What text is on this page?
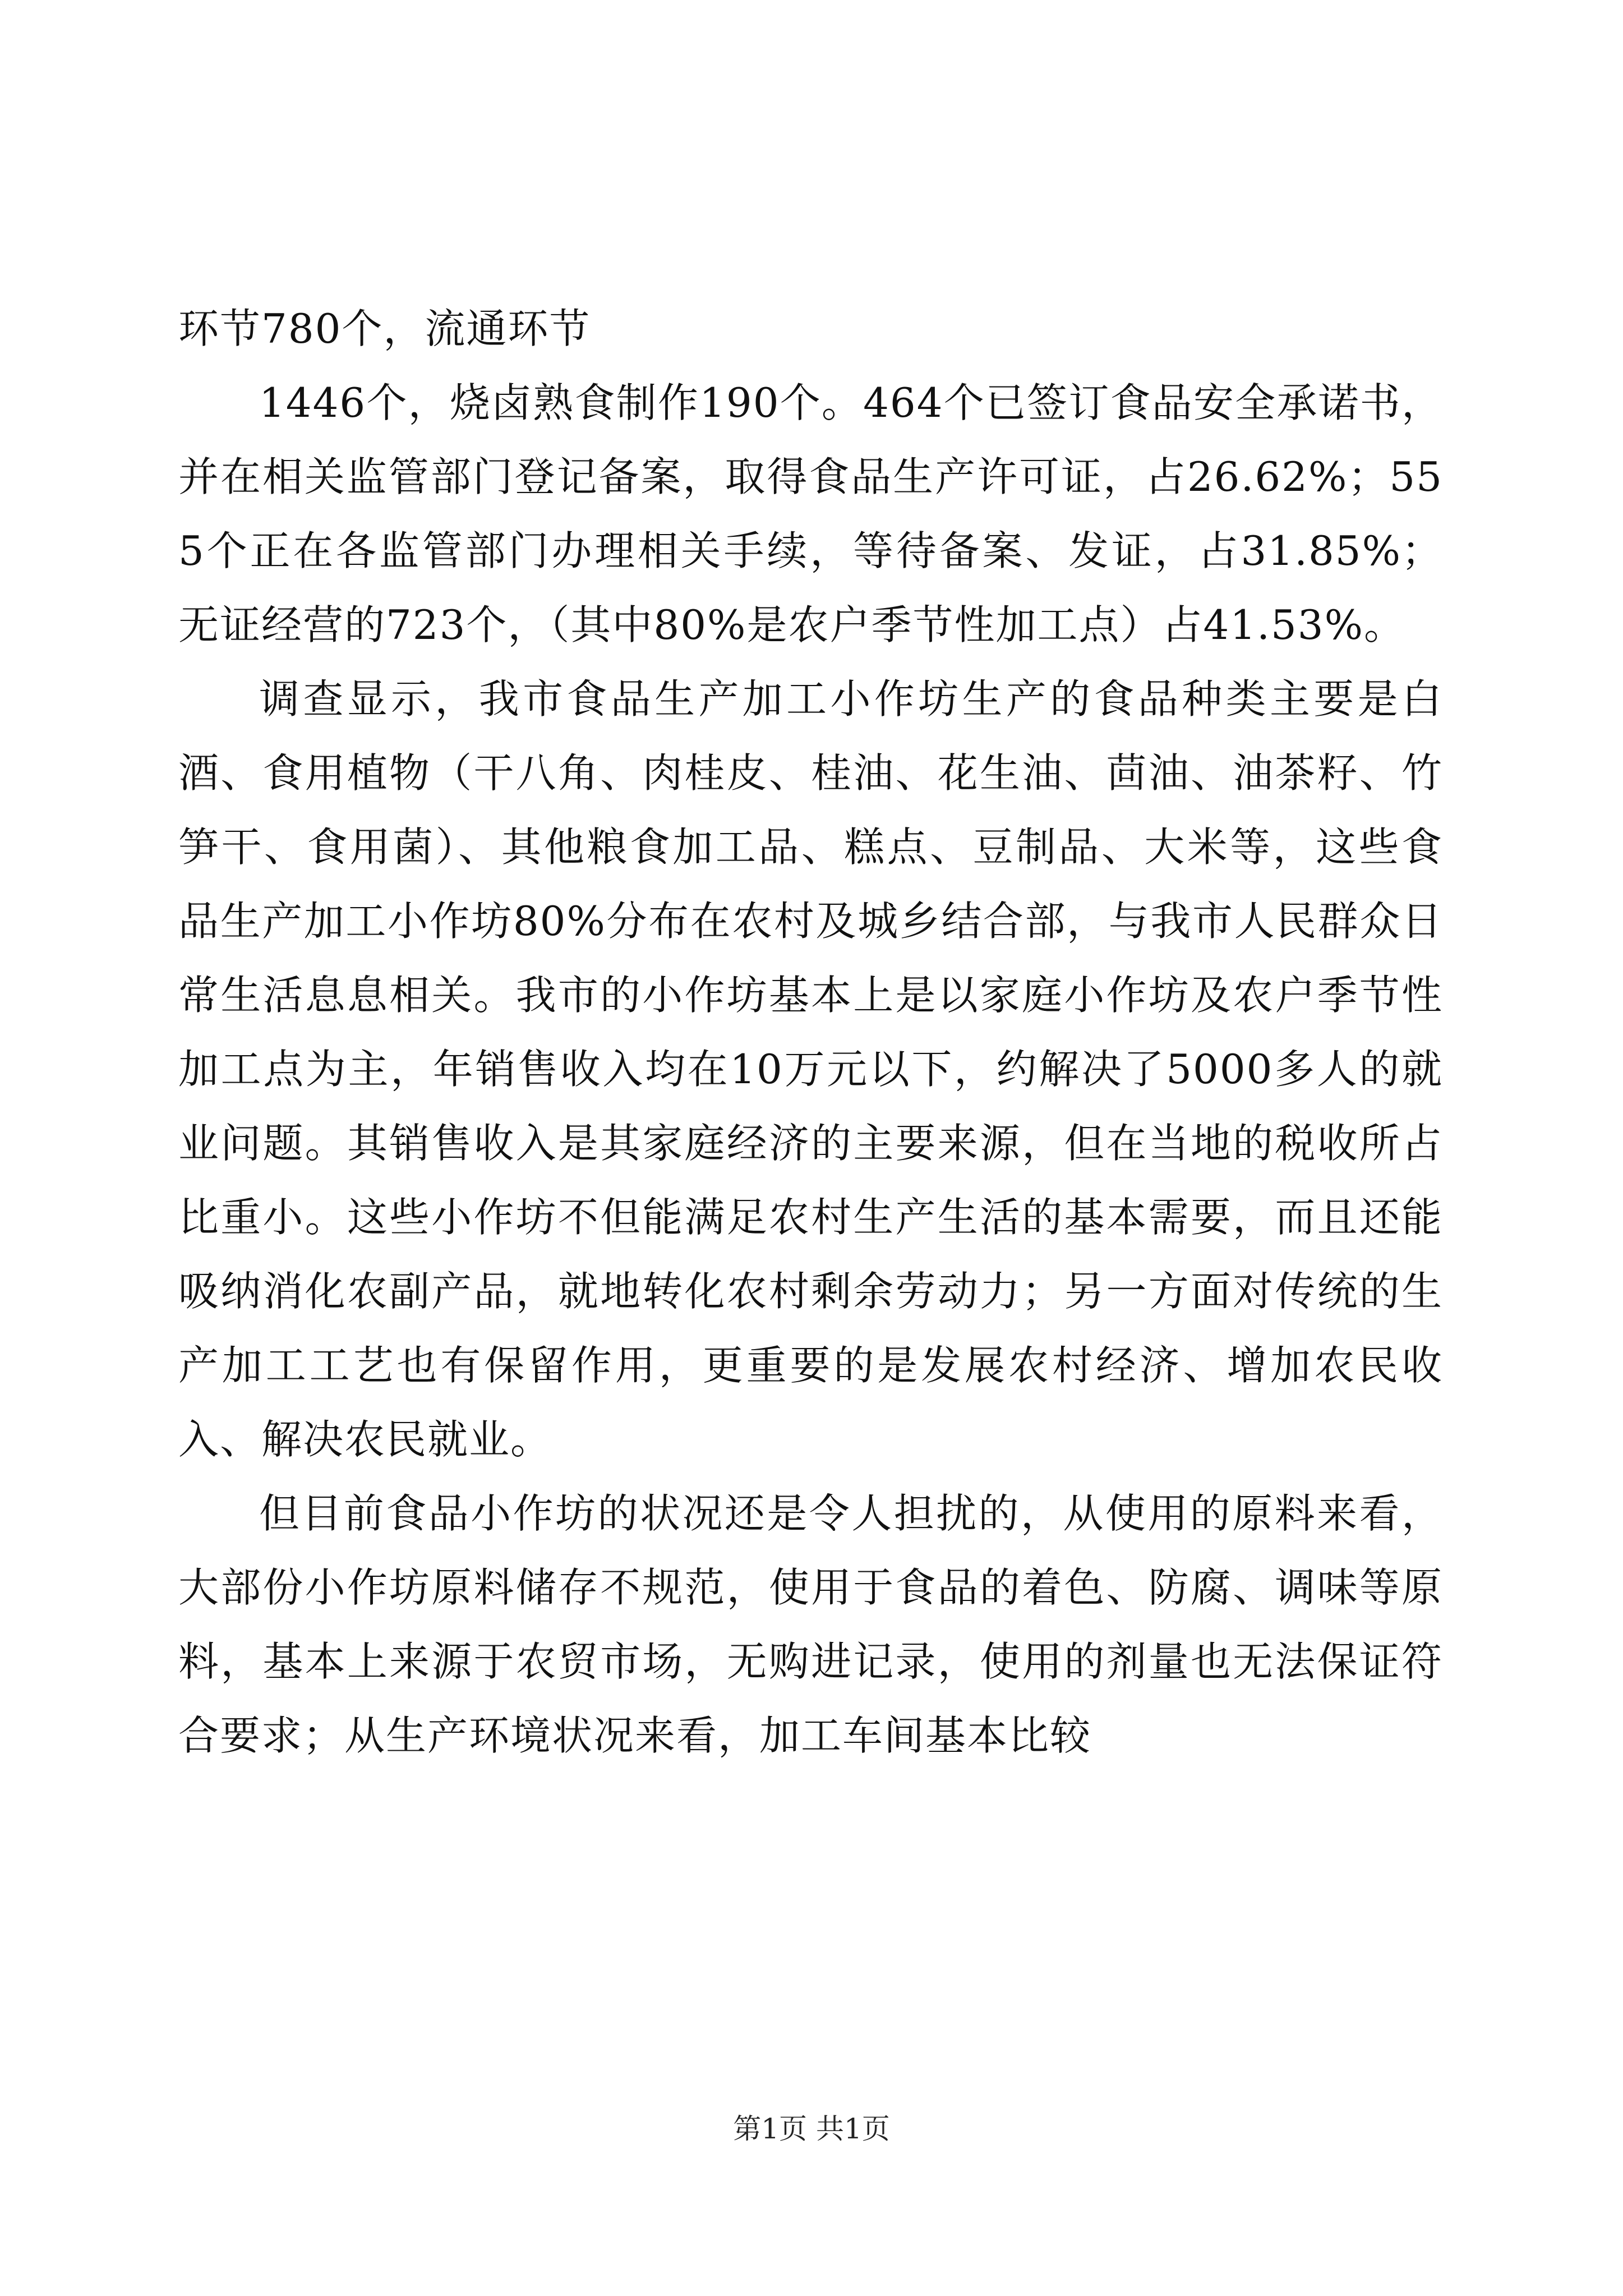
环节780个，流通环节

1446个，烧卤熟食制作190个。464个已签订食品安全承诺书，并在相关监管部门登记备案，取得食品生产许可证，占26.62%；555个正在各监管部门办理相关手续，等待备案、发证，占31.85%；无证经营的723个，（其中80%是农户季节性加工点）占41.53%。

调查显示，我市食品生产加工小作坊生产的食品种类主要是白酒、食用植物（干八角、肉桂皮、桂油、花生油、茴油、油茶籽、竹笋干、食用菌）、其他粮食加工品、糕点、豆制品、大米等，这些食品生产加工小作坊80%分布在农村及城乡结合部，与我市人民群众日常生活息息相关。我市的小作坊基本上是以家庭小作坊及农户季节性加工点为主，年销售收入均在10万元以下，约解决了5000多人的就业问题。其销售收入是其家庭经济的主要来源，但在当地的税收所占比重小。这些小作坊不但能满足农村生产生活的基本需要，而且还能吸纳消化农副产品，就地转化农村剩余劳动力；另一方面对传统的生产加工工艺也有保留作用，更重要的是发展农村经济、增加农民收入、解决农民就业。

但目前食品小作坊的状况还是令人担扰的，从使用的原料来看，大部份小作坊原料储存不规范，使用于食品的着色、防腐、调味等原料，基本上来源于农贸市场，无购进记录，使用的剂量也无法保证符合要求；从生产环境状况来看，加工车间基本比较

第1页 共1页
